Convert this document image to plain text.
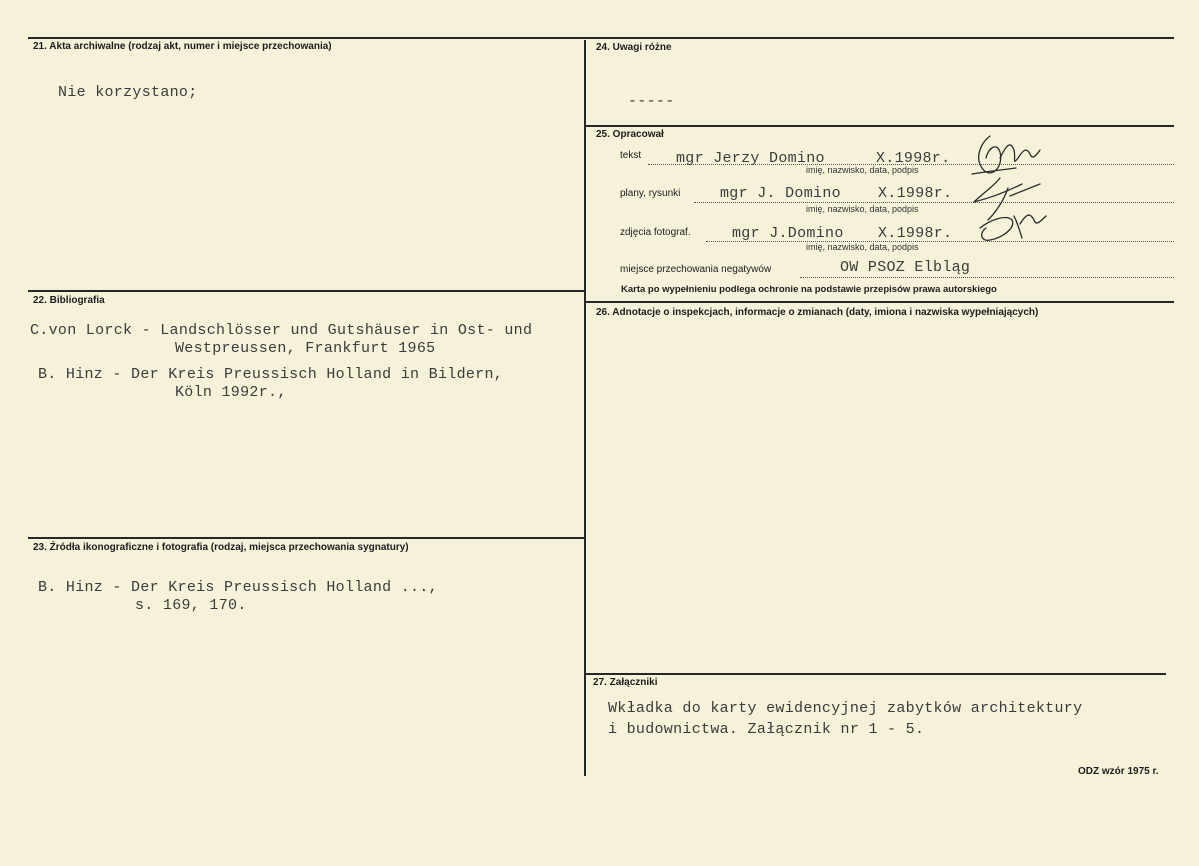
21. Akta archiwalne (rodzaj akt, numer i miejsce przechowania)
Nie korzystano;
22. Bibliografia
C.von Lorck - Landschlösser und Gutshäuser in Ost- und
Westpreussen, Frankfurt 1965
B. Hinz - Der Kreis Preussisch Holland in Bildern,
Köln 1992r.,
23. Źródła ikonograficzne i fotografia (rodzaj, miejsca przechowania sygnatury)
B. Hinz - Der Kreis Preussisch Holland ...,
s. 169, 170.
24. Uwagi różne
-----
25. Opracował
tekst mgr Jerzy Domino	X.1998r.
imię, nazwisko, data, podpis
plany, rysunki	mgr J. Domino X.1998r.
imię, nazwisko, data, podpis
zdjęcia fotograf.	mgr J.Domino X.1998r.
imię, nazwisko, data, podpis
miejsce przechowania negatywów	OW PSOZ Elbląg
Karta po wypełnieniu podlega ochronie na podstawie przepisów prawa autorskiego
26. Adnotacje o inspekcjach, informacje o zmianach (daty, imiona i nazwiska wypełniających)
27. Załączniki
Wkładka do karty ewidencyjnej zabytków architektury
i budownictwa. Załącznik nr 1 - 5.
ODZ wzór 1975 r.
